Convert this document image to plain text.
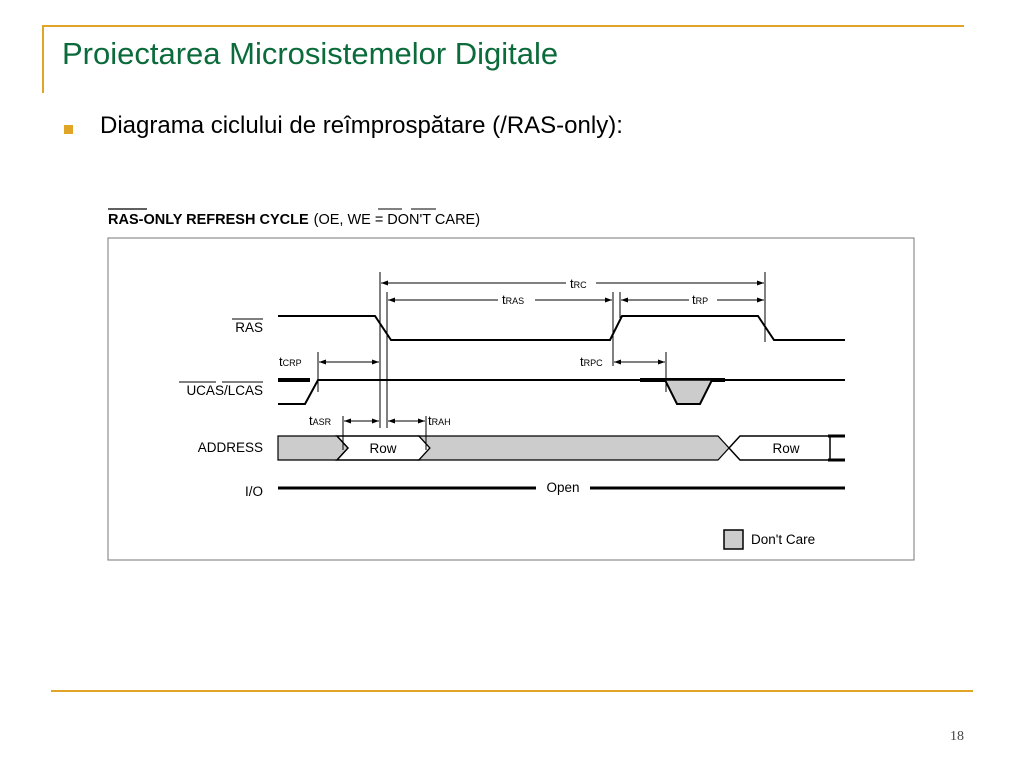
Proiectarea Microsistemelor Digitale
Diagrama ciclului de reîmprospătare (/RAS-only):
RAS-ONLY REFRESH CYCLE (OE, WE = DON'T CARE)
RAS
UCAS/LCAS
ADDRESS
I/O
Row	Row
Open
tRC
tRAS	tRP
tCRP	tRPC
tASR	tRAH
Don't Care
18
